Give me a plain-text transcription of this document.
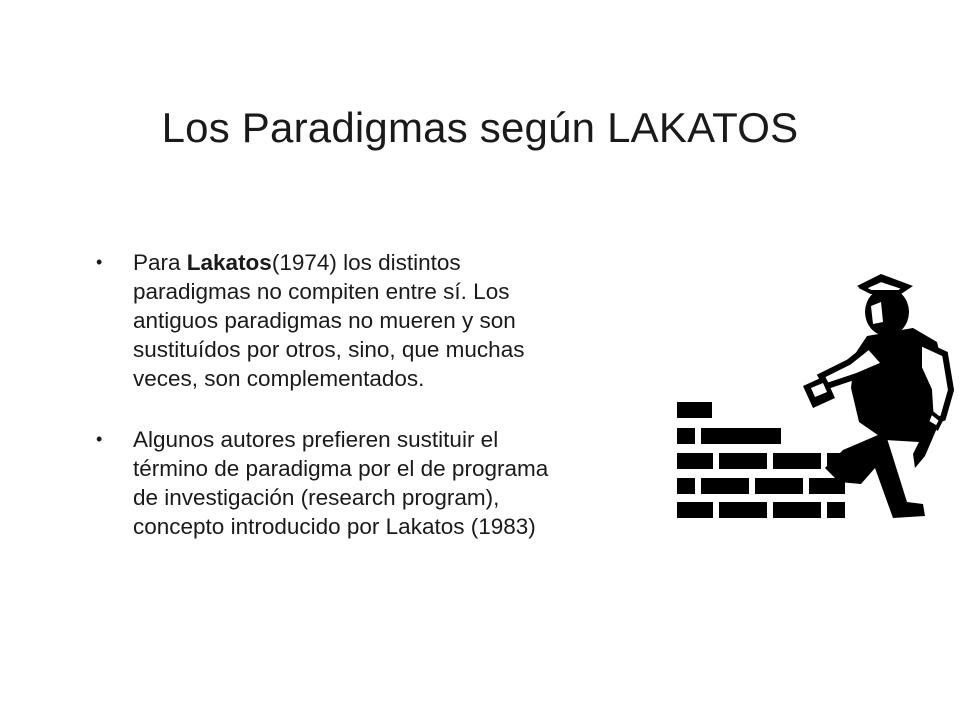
Los Paradigmas según LAKATOS
•	Para Lakatos(1974) los distintos
paradigmas no compiten entre sí. Los
antiguos paradigmas no mueren y son
sustituídos por otros, sino, que muchas
veces, son complementados.
•	Algunos autores prefieren sustituir el
término de paradigma por el de programa
de investigación (research program),
concepto introducido por Lakatos (1983)
